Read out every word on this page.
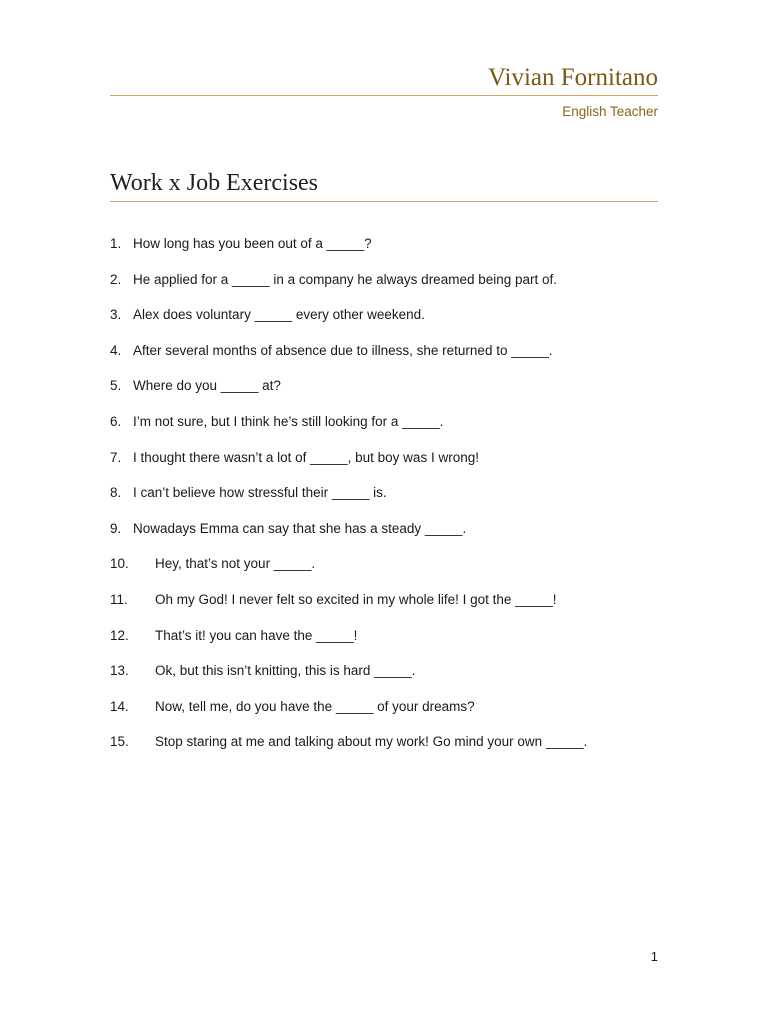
Vivian Fornitano
English Teacher
Work x Job Exercises
1. How long has you been out of a _____?
2. He applied for a _____ in a company he always dreamed being part of.
3. Alex does voluntary _____ every other weekend.
4. After several months of absence due to illness, she returned to _____.
5. Where do you _____ at?
6. I’m not sure, but I think he’s still looking for a _____.
7. I thought there wasn’t a lot of _____, but boy was I wrong!
8. I can’t believe how stressful their _____ is.
9. Nowadays Emma can say that she has a steady _____.
10. Hey, that’s not your _____.
11. Oh my God! I never felt so excited in my whole life! I got the _____!
12. That’s it! you can have the _____!
13. Ok, but this isn’t knitting, this is hard _____.
14. Now, tell me, do you have the _____ of your dreams?
15. Stop staring at me and talking about my work! Go mind your own _____.
1
